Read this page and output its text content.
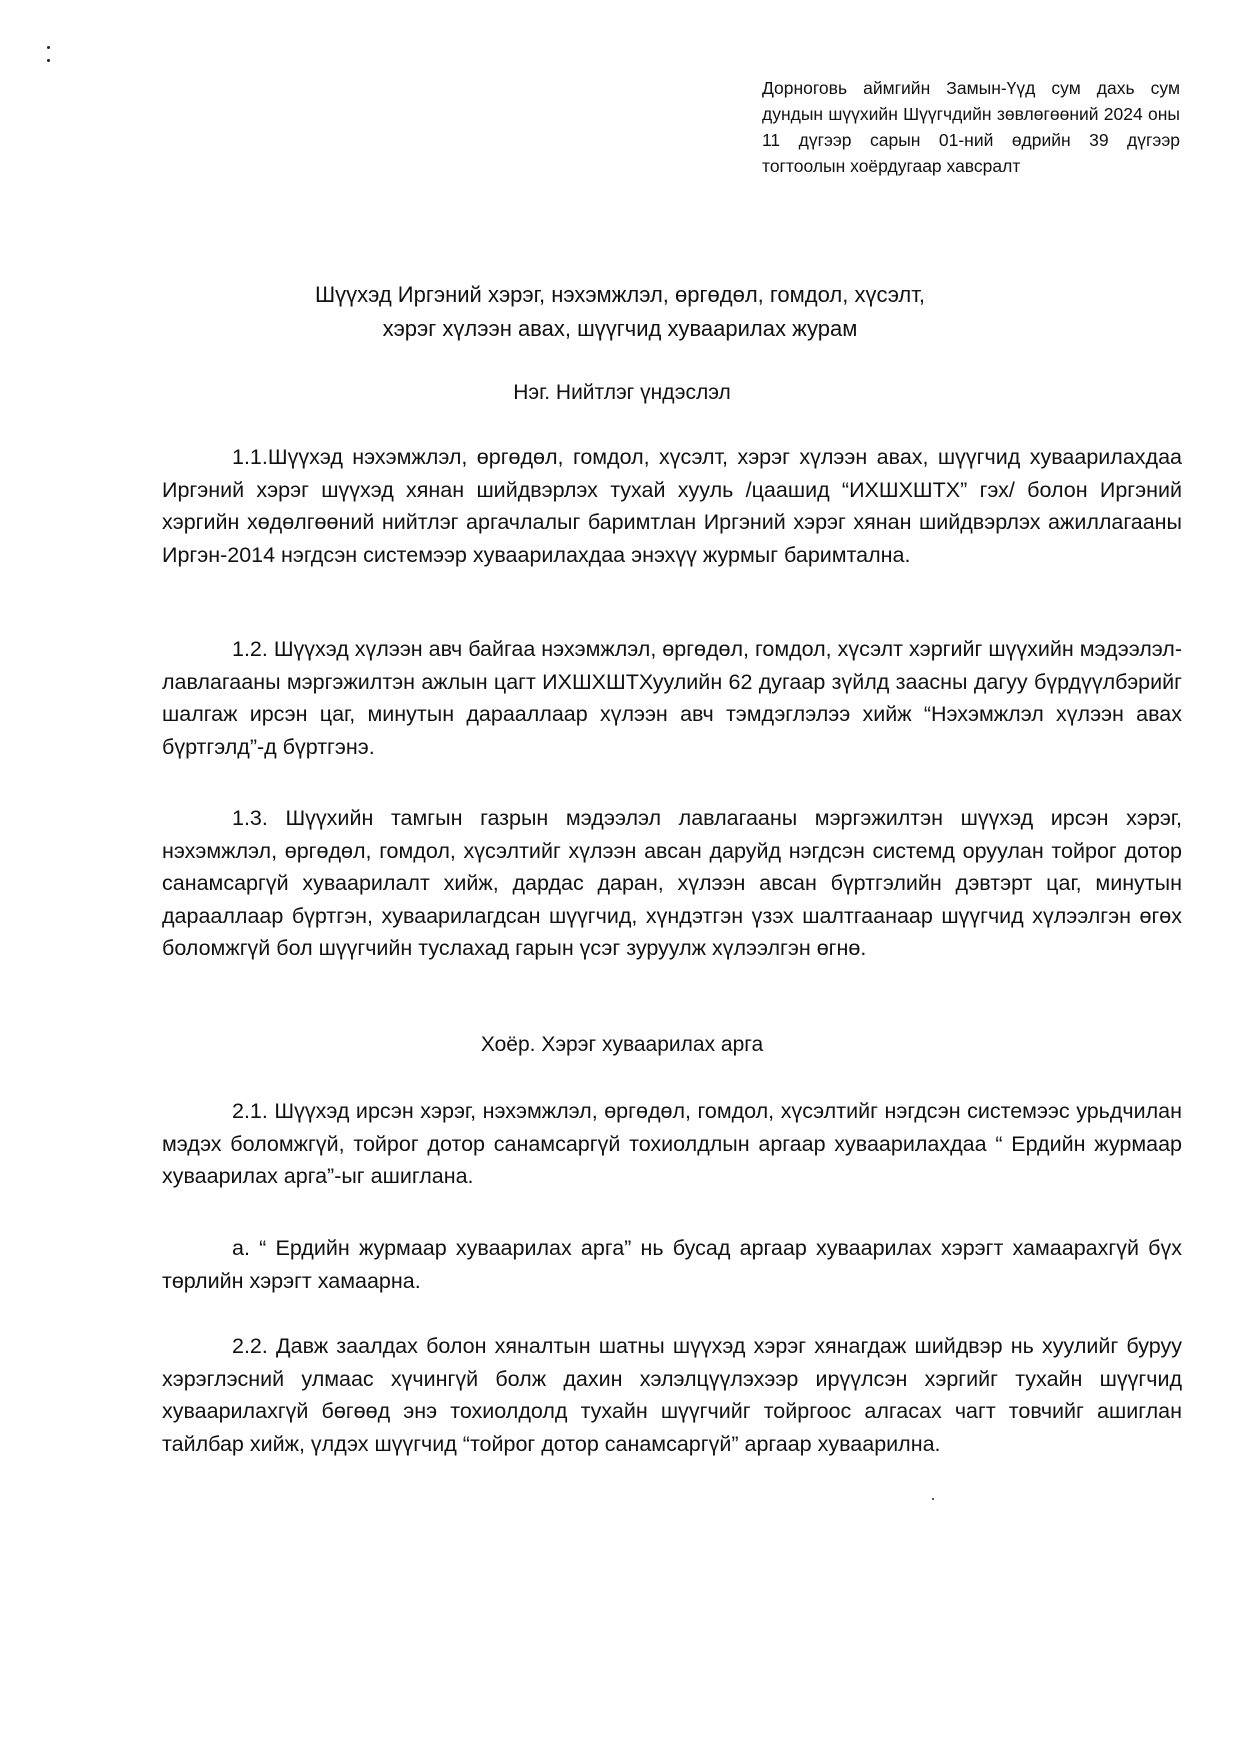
Дорноговь аймгийн Замын-Үүд сум дахь сум дундын шүүхийн Шүүгчдийн зөвлөгөөний 2024 оны 11 дүгээр сарын 01-ний өдрийн 39 дүгээр тогтоолын хоёрдугаар хавсралт
Шүүхэд Иргэний хэрэг, нэхэмжлэл, өргөдөл, гомдол, хүсэлт,
хэрэг хүлээн авах, шүүгчид хуваарилах журам
Нэг. Нийтлэг үндэслэл
1.1.Шүүхэд нэхэмжлэл, өргөдөл, гомдол, хүсэлт, хэрэг хүлээн авах, шүүгчид хуваарилахдаа Иргэний хэрэг шүүхэд хянан шийдвэрлэх тухай хууль /цаашид “ИХШХШТХ” гэх/ болон Иргэний хэргийн хөдөлгөөний нийтлэг аргачлалыг баримтлан Иргэний хэрэг хянан шийдвэрлэх ажиллагааны Иргэн-2014 нэгдсэн системээр хуваарилахдаа энэхүү журмыг баримтална.
1.2. Шүүхэд хүлээн авч байгаа нэхэмжлэл, өргөдөл, гомдол, хүсэлт хэргийг шүүхийн мэдээлэл-лавлагааны мэргэжилтэн ажлын цагт ИХШХШТХуулийн 62 дугаар зүйлд заасны дагуу бүрдүүлбэрийг шалгаж ирсэн цаг, минутын дарааллаар хүлээн авч тэмдэглэлээ хийж “Нэхэмжлэл хүлээн авах бүртгэлд”-д бүртгэнэ.
1.3. Шүүхийн тамгын газрын мэдээлэл лавлагааны мэргэжилтэн шүүхэд ирсэн хэрэг, нэхэмжлэл, өргөдөл, гомдол, хүсэлтийг хүлээн авсан даруйд нэгдсэн системд оруулан тойрог дотор санамсаргүй хуваарилалт хийж, дардас даран, хүлээн авсан бүртгэлийн дэвтэрт цаг, минутын дарааллаар бүртгэн, хуваарилагдсан шүүгчид, хүндэтгэн үзэх шалтгаанаар шүүгчид хүлээлгэн өгөх боломжгүй бол шүүгчийн туслахад гарын үсэг зуруулж хүлээлгэн өгнө.
Хоёр. Хэрэг хуваарилах арга
2.1. Шүүхэд ирсэн хэрэг, нэхэмжлэл, өргөдөл, гомдол, хүсэлтийг нэгдсэн системээс урьдчилан мэдэх боломжгүй, тойрог дотор санамсаргүй тохиолдлын аргаар хуваарилахдаа “ Ердийн журмаар хуваарилах арга”-ыг ашиглана.
a. “ Ердийн журмаар хуваарилах арга” нь бусад аргаар хуваарилах хэрэгт хамаарахгүй бүх төрлийн хэрэгт хамаарна.
2.2. Давж заалдах болон хяналтын шатны шүүхэд хэрэг хянагдаж шийдвэр нь хуулийг буруу хэрэглэсний улмаас хүчингүй болж дахин хэлэлцүүлэхээр ирүүлсэн хэргийг тухайн шүүгчид хуваарилахгүй бөгөөд энэ тохиолдолд тухайн шүүгчийг тойргоос алгасах чагт товчийг ашиглан тайлбар хийж, үлдэх шүүгчид “тойрог дотор санамсаргүй” аргаар хуваарилна.
